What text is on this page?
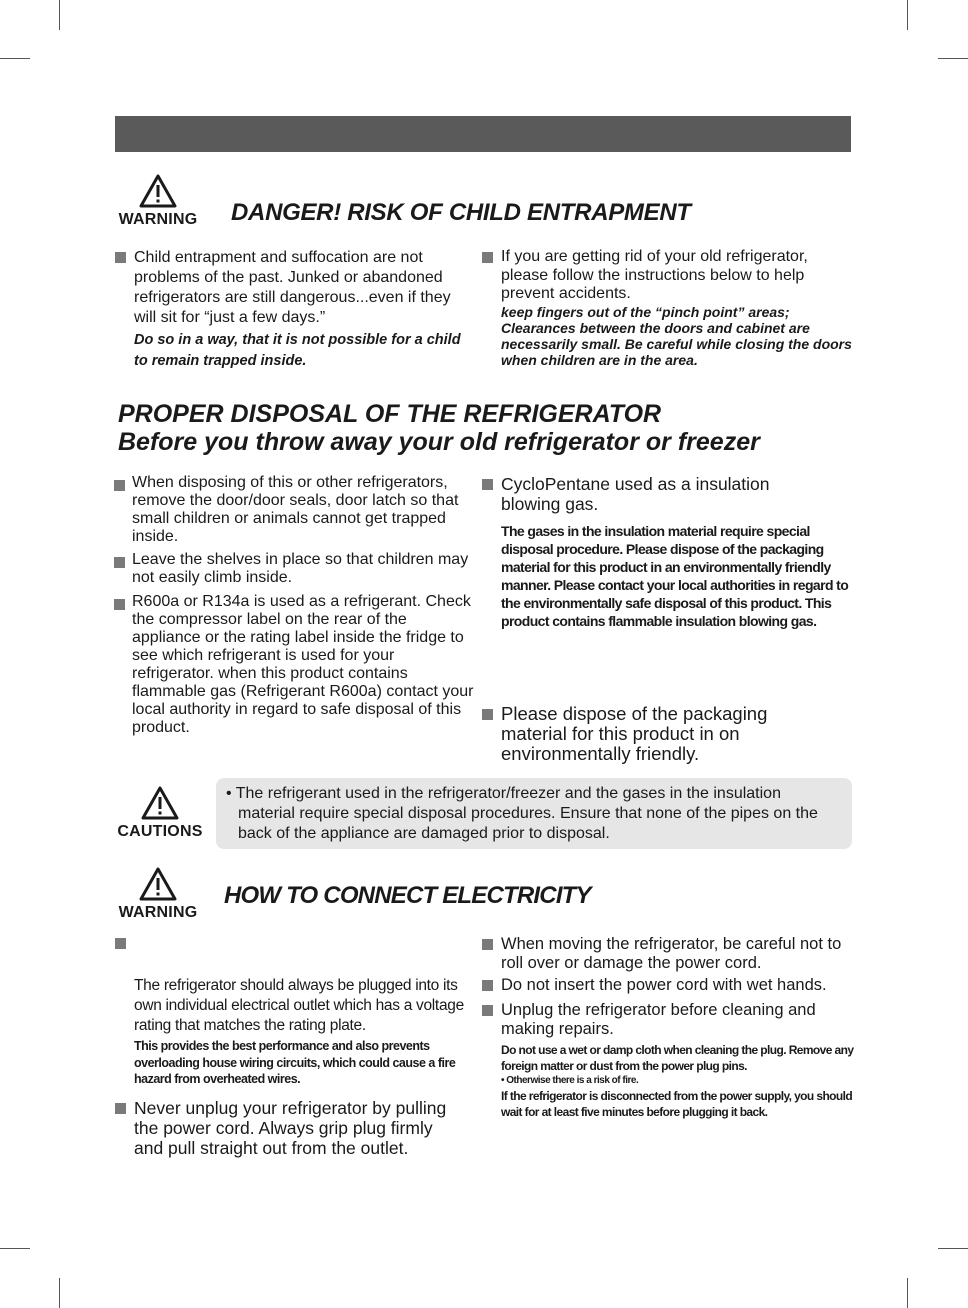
WARNING DANGER! RISK OF CHILD ENTRAPMENT
Child entrapment and suffocation are not problems of the past. Junked or abandoned refrigerators are still dangerous...even if they will sit for “just a few days.”
Do so in a way, that it is not possible for a child to remain trapped inside.
If you are getting rid of your old refrigerator, please follow the instructions below to help prevent accidents.
keep fingers out of the “pinch point” areas; Clearances between the doors and cabinet are necessarily small. Be careful while closing the doors when children are in the area.
PROPER DISPOSAL OF THE REFRIGERATOR
Before you throw away your old refrigerator or freezer
When disposing of this or other refrigerators, remove the door/door seals, door latch so that small children or animals cannot get trapped inside.
Leave the shelves in place so that children may not easily climb inside.
R600a or R134a is used as a refrigerant. Check the compressor label on the rear of the appliance or the rating label inside the fridge to see which refrigerant is used for your refrigerator. when this product contains flammable gas (Refrigerant R600a) contact your local authority in regard to safe disposal of this product.
CycloPentane used as a insulation blowing gas.
The gases in the insulation material require special disposal procedure. Please dispose of the packaging material for this product in an environmentally friendly manner. Please contact your local authorities in regard to the environmentally safe disposal of this product. This product contains flammable insulation blowing gas.
Please dispose of the packaging material for this product in on environmentally friendly.
CAUTIONS
• The refrigerant used in the refrigerator/freezer and the gases in the insulation material require special disposal procedures. Ensure that none of the pipes on the back of the appliance are damaged prior to disposal.
WARNING
HOW TO CONNECT ELECTRICITY
The refrigerator should always be plugged into its own individual electrical outlet which has a voltage rating that matches the rating plate.
This provides the best performance and also prevents overloading house wiring circuits, which could cause a fire hazard from overheated wires.
Never unplug your refrigerator by pulling the power cord. Always grip plug firmly and pull straight out from the outlet.
When moving the refrigerator, be careful not to roll over or damage the power cord.
Do not insert the power cord with wet hands.
Unplug the refrigerator before cleaning and making repairs.
Do not use a wet or damp cloth when cleaning the plug. Remove any foreign matter or dust from the power plug pins.
• Otherwise there is a risk of fire.
If the refrigerator is disconnected from the power supply, you should wait for at least five minutes before plugging it back.
